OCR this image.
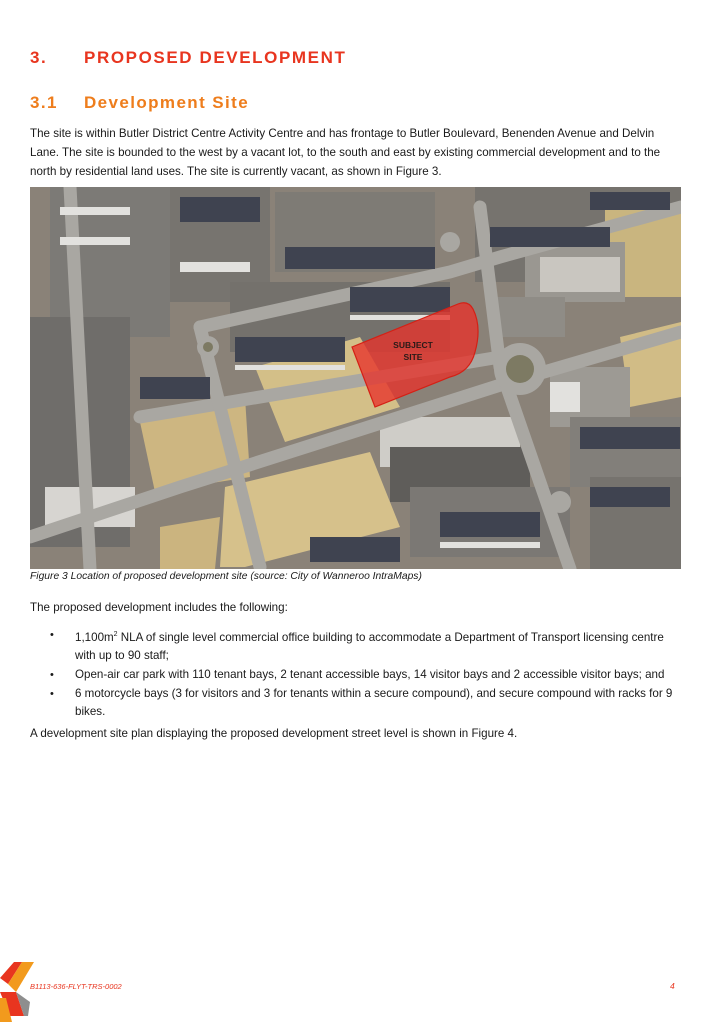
3. PROPOSED DEVELOPMENT
3.1 Development Site

The site is within Butler District Centre Activity Centre and has frontage to Butler Boulevard, Benenden Avenue and Delvin Lane. The site is bounded to the west by a vacant lot, to the south and east by existing commercial development and to the north by residential land uses. The site is currently vacant, as shown in Figure 3.

SUBJECT
SITE

Figure 3 Location of proposed development site (source: City of Wanneroo IntraMaps)

The proposed development includes the following:

• $1,100m^2$ NLA of single level commercial office building to accommodate a Department of Transport licensing centre with up to 90 staff;
• Open-air car park with 110 tenant bays, 2 tenant accessible bays, 14 visitor bays and 2 accessible visitor bays; and
• 6 motorcycle bays (3 for visitors and 3 for tenants within a secure compound), and secure compound with racks for 9 bikes.

A development site plan displaying the proposed development street level is shown in Figure 4.

B1113-636-FLYT-TRS-0002	4
